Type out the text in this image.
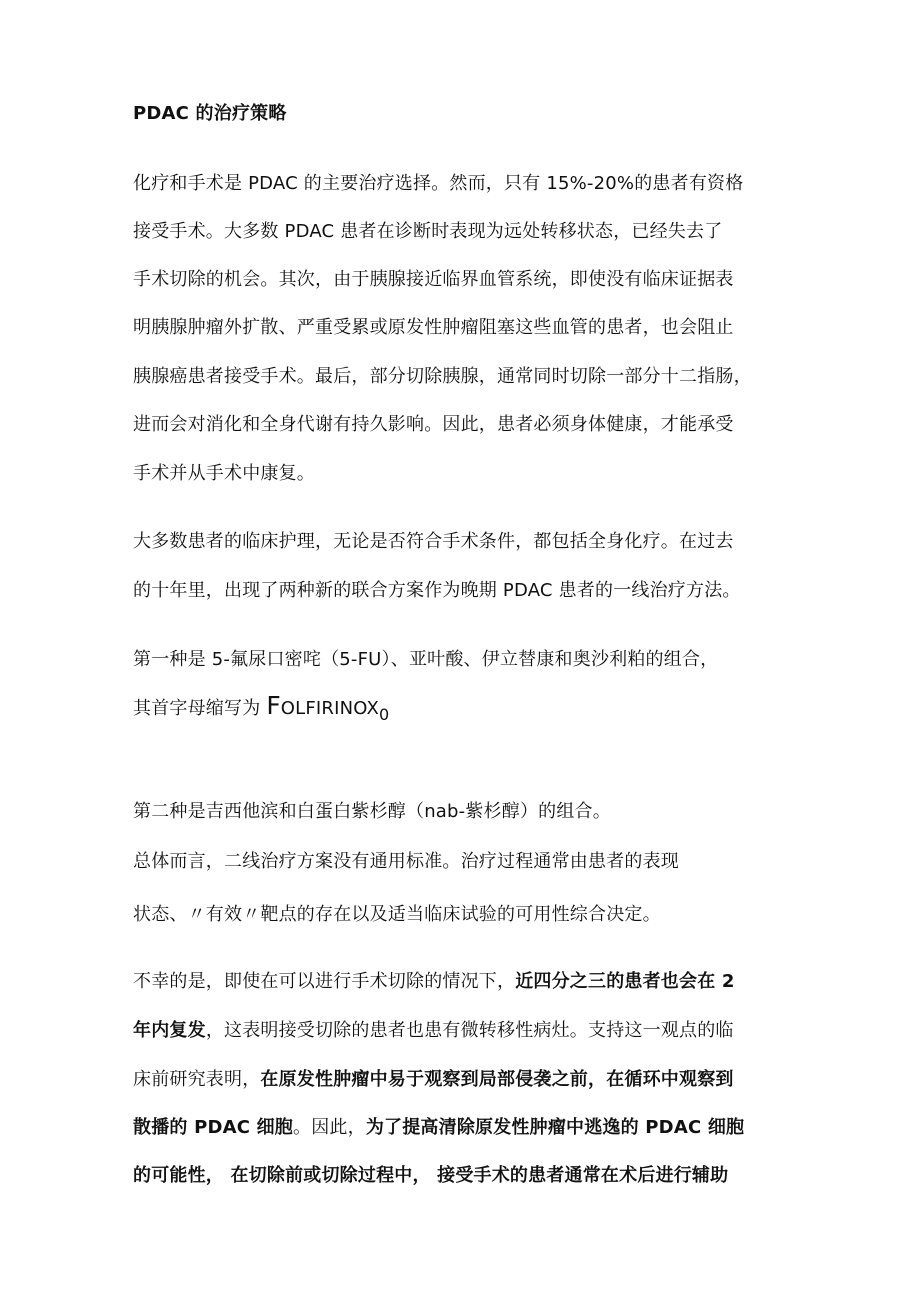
PDAC 的治疗策略
化疗和手术是 PDAC 的主要治疗选择。然而，只有 15%-20%的患者有资格
接受手术。大多数 PDAC 患者在诊断时表现为远处转移状态，已经失去了
手术切除的机会。其次，由于胰腺接近临界血管系统，即使没有临床证据表
明胰腺肿瘤外扩散、严重受累或原发性肿瘤阻塞这些血管的患者，也会阻止
胰腺癌患者接受手术。最后，部分切除胰腺，通常同时切除一部分十二指肠，
进而会对消化和全身代谢有持久影响。因此，患者必须身体健康，才能承受
手术并从手术中康复。
大多数患者的临床护理，无论是否符合手术条件，都包括全身化疗。在过去
的十年里，出现了两种新的联合方案作为晚期 PDAC 患者的一线治疗方法。
第一种是 5-氟尿口密咤（5-FU）、亚叶酸、伊立替康和奥沙利粕的组合，
其首字母缩写为 FOLFIRINOX0
第二种是吉西他滨和白蛋白紫杉醇（nab-紫杉醇）的组合。
总体而言，二线治疗方案没有通用标准。治疗过程通常由患者的表现
状态、〃有效〃靶点的存在以及适当临床试验的可用性综合决定。
不幸的是，即使在可以进行手术切除的情况下，近四分之三的患者也会在 2
年内复发，这表明接受切除的患者也患有微转移性病灶。支持这一观点的临
床前研究表明，在原发性肿瘤中易于观察到局部侵袭之前，在循环中观察到
散播的 PDAC 细胞。因此，为了提高清除原发性肿瘤中逃逸的 PDAC 细胞
的可能性， 在切除前或切除过程中， 接受手术的患者通常在术后进行辅助
